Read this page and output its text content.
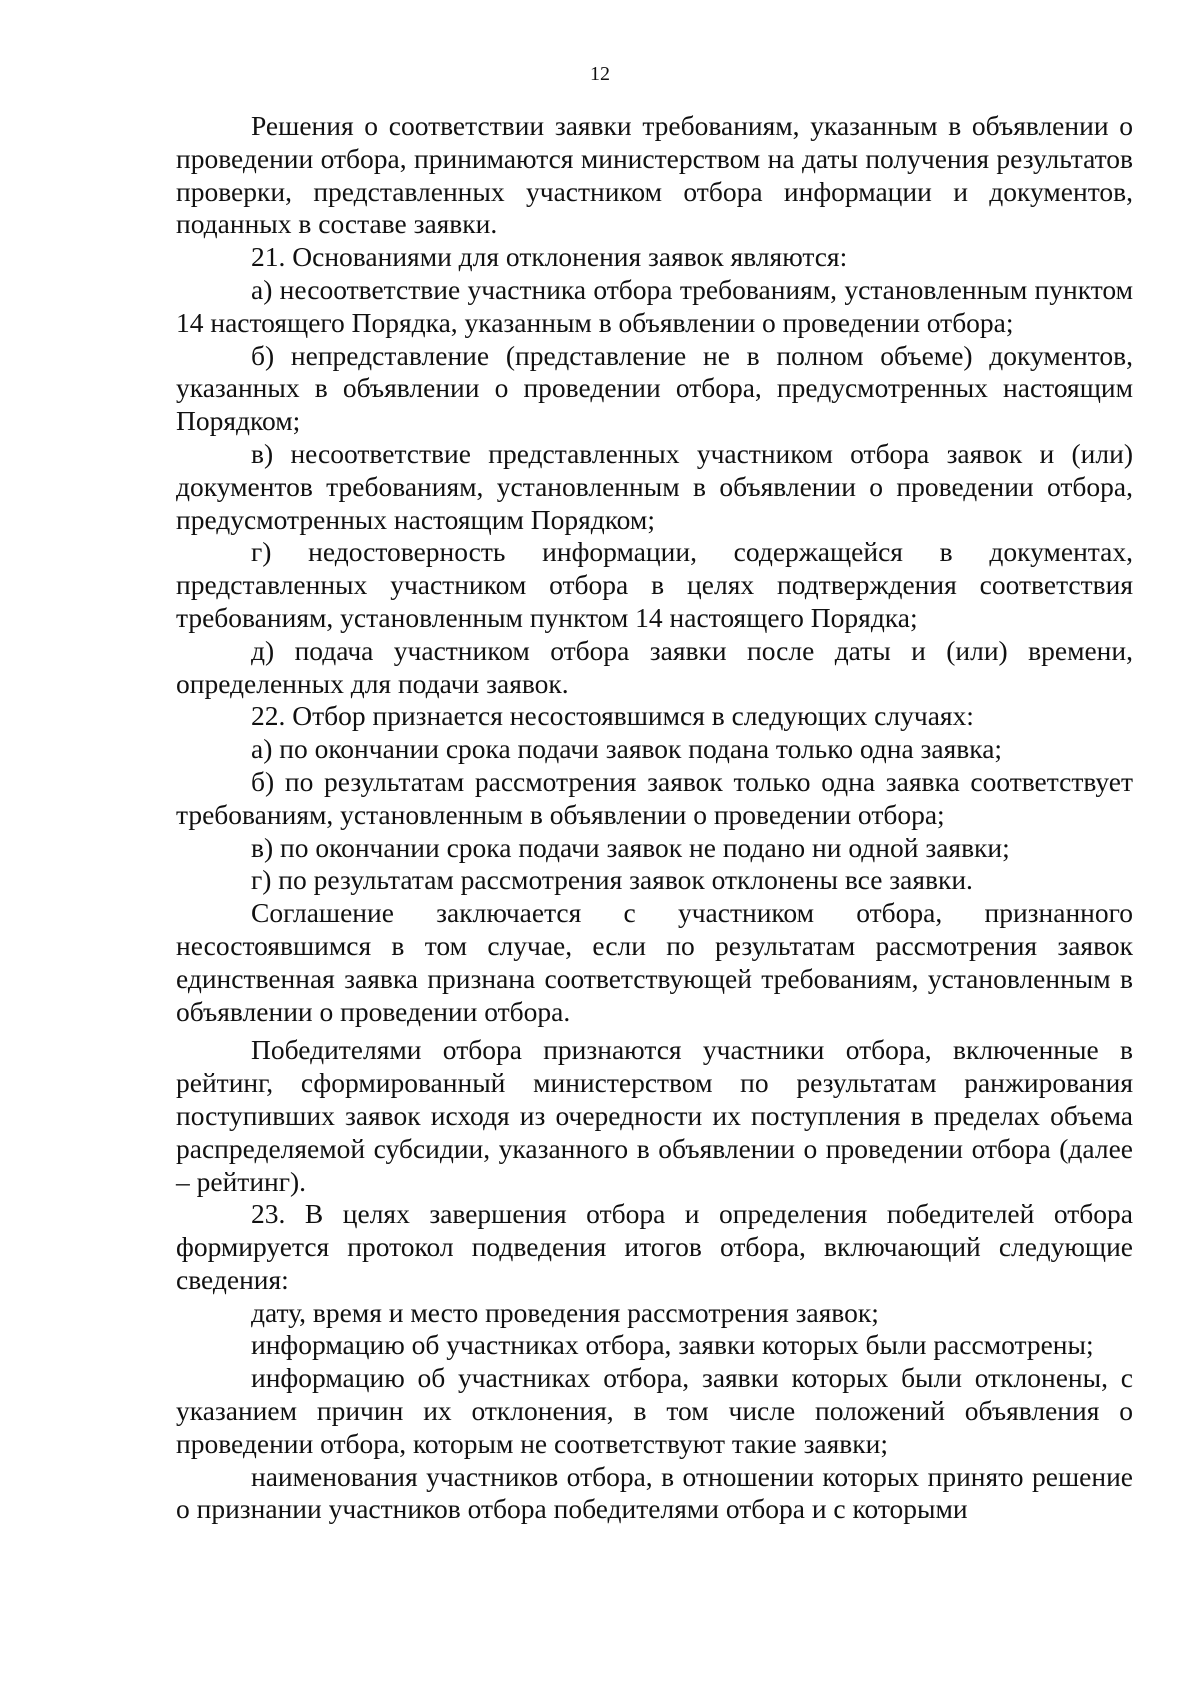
12

Решения о соответствии заявки требованиям, указанным в объявлении о проведении отбора, принимаются министерством на даты получения результатов проверки, представленных участником отбора информации и документов, поданных в составе заявки.

21. Основаниями для отклонения заявок являются:

а) несоответствие участника отбора требованиям, установленным пунктом 14 настоящего Порядка, указанным в объявлении о проведении отбора;

б) непредставление (представление не в полном объеме) документов, указанных в объявлении о проведении отбора, предусмотренных настоящим Порядком;

в) несоответствие представленных участником отбора заявок и (или) документов требованиям, установленным в объявлении о проведении отбора, предусмотренных настоящим Порядком;

г) недостоверность информации, содержащейся в документах, представленных участником отбора в целях подтверждения соответствия требованиям, установленным пунктом 14 настоящего Порядка;

д) подача участником отбора заявки после даты и (или) времени, определенных для подачи заявок.

22. Отбор признается несостоявшимся в следующих случаях:

а) по окончании срока подачи заявок подана только одна заявка;

б) по результатам рассмотрения заявок только одна заявка соответствует требованиям, установленным в объявлении о проведении отбора;

в) по окончании срока подачи заявок не подано ни одной заявки;

г) по результатам рассмотрения заявок отклонены все заявки.

Соглашение заключается с участником отбора, признанного несостоявшимся в том случае, если по результатам рассмотрения заявок единственная заявка признана соответствующей требованиям, установленным в объявлении о проведении отбора.

Победителями отбора признаются участники отбора, включенные в рейтинг, сформированный министерством по результатам ранжирования поступивших заявок исходя из очередности их поступления в пределах объема распределяемой субсидии, указанного в объявлении о проведении отбора (далее – рейтинг).

23. В целях завершения отбора и определения победителей отбора формируется протокол подведения итогов отбора, включающий следующие сведения:

дату, время и место проведения рассмотрения заявок;

информацию об участниках отбора, заявки которых были рассмотрены;

информацию об участниках отбора, заявки которых были отклонены, с указанием причин их отклонения, в том числе положений объявления о проведении отбора, которым не соответствуют такие заявки;

наименования участников отбора, в отношении которых принято решение о признании участников отбора победителями отбора и с которыми
